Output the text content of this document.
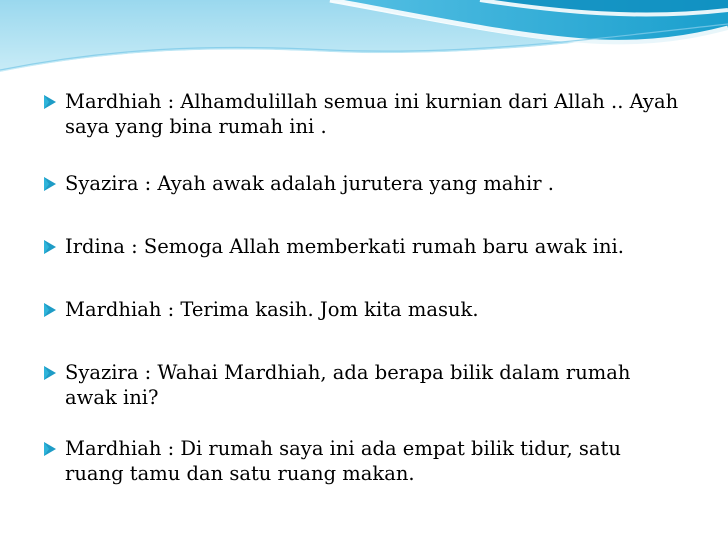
Mardhiah : Alhamdulillah semua ini kurnian dari Allah .. Ayah saya yang bina rumah ini .
Syazira : Ayah awak adalah jurutera yang mahir .
Irdina : Semoga Allah memberkati rumah baru awak ini.
Mardhiah : Terima kasih. Jom kita masuk.
Syazira : Wahai Mardhiah, ada berapa bilik dalam rumah awak ini?
Mardhiah : Di rumah saya ini ada empat bilik tidur, satu ruang tamu dan satu ruang makan.
